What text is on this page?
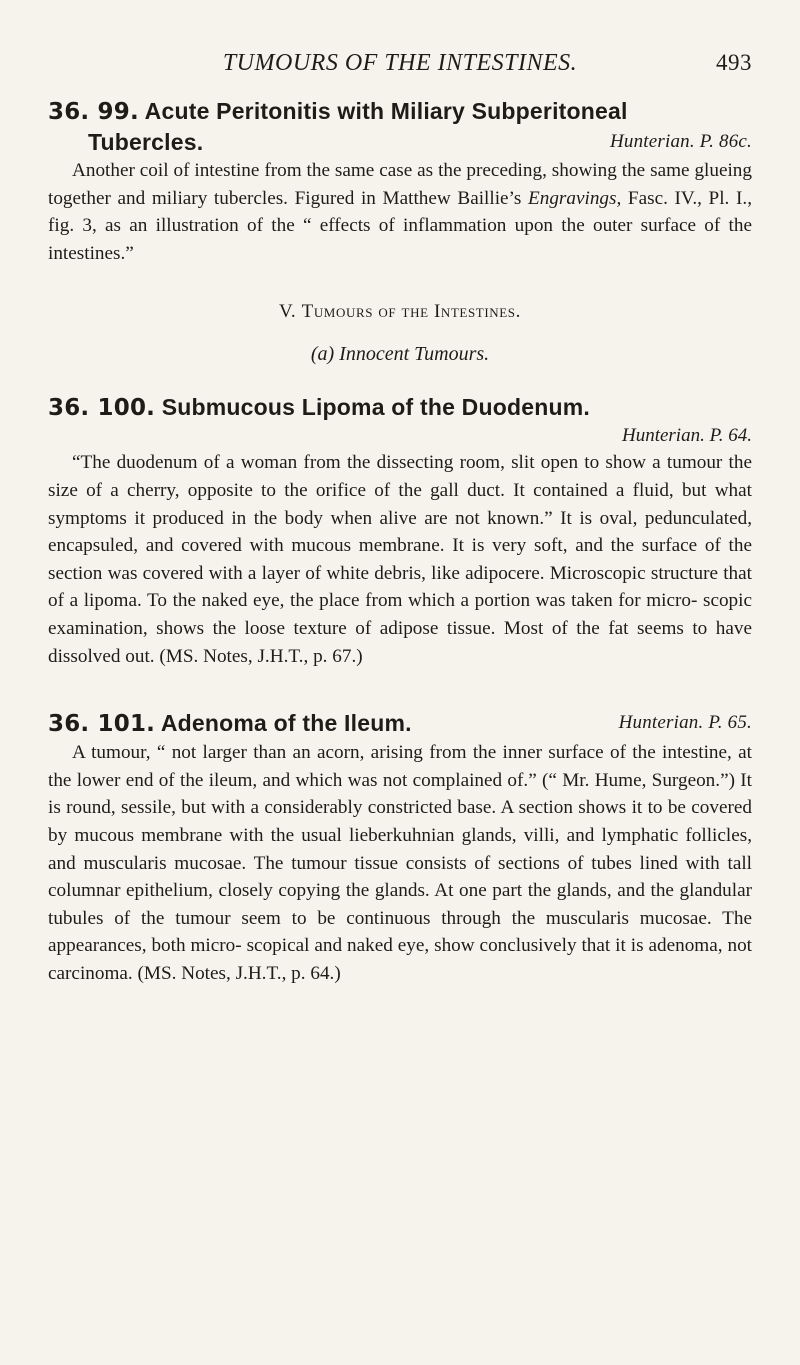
TUMOURS OF THE INTESTINES.	493

36. 99. Acute Peritonitis with Miliary Subperitoneal

Tubercles.	Hunterian. P. 86c.

Another coil of intestine from the same case as the preceding, showing the same glueing together and miliary tubercles. Figured in Matthew Baillie’s Engravings, Fasc. IV., Pl. I., fig. 3, as an illustration of the “ effects of inflammation upon the outer surface of the intestines.”

V. Tumours of the Intestines.

(a) Innocent Tumours.

36. 100. Submucous Lipoma of the Duodenum.

Hunterian. P. 64.

“The duodenum of a woman from the dissecting room, slit open to show a tumour the size of a cherry, opposite to the orifice of the gall duct. It contained a fluid, but what symptoms it produced in the body when alive are not known.” It is oval, pedunculated, encapsuled, and covered with mucous membrane. It is very soft, and the surface of the section was covered with a layer of white debris, like adipocere. Microscopic structure that of a lipoma. To the naked eye, the place from which a portion was taken for micro- scopic examination, shows the loose texture of adipose tissue. Most of the fat seems to have dissolved out. (MS. Notes, J.H.T., p. 67.)

36. 101. Adenoma of the Ileum.	Hunterian. P. 65.

A tumour, “ not larger than an acorn, arising from the inner surface of the intestine, at the lower end of the ileum, and which was not complained of.” (“ Mr. Hume, Surgeon.”) It is round, sessile, but with a considerably constricted base. A section shows it to be covered by mucous membrane with the usual lieberkuhnian glands, villi, and lymphatic follicles, and muscularis mucosae. The tumour tissue consists of sections of tubes lined with tall columnar epithelium, closely copying the glands. At one part the glands, and the glandular tubules of the tumour seem to be continuous through the muscularis mucosae. The appearances, both micro- scopical and naked eye, show conclusively that it is adenoma, not carcinoma. (MS. Notes, J.H.T., p. 64.)
